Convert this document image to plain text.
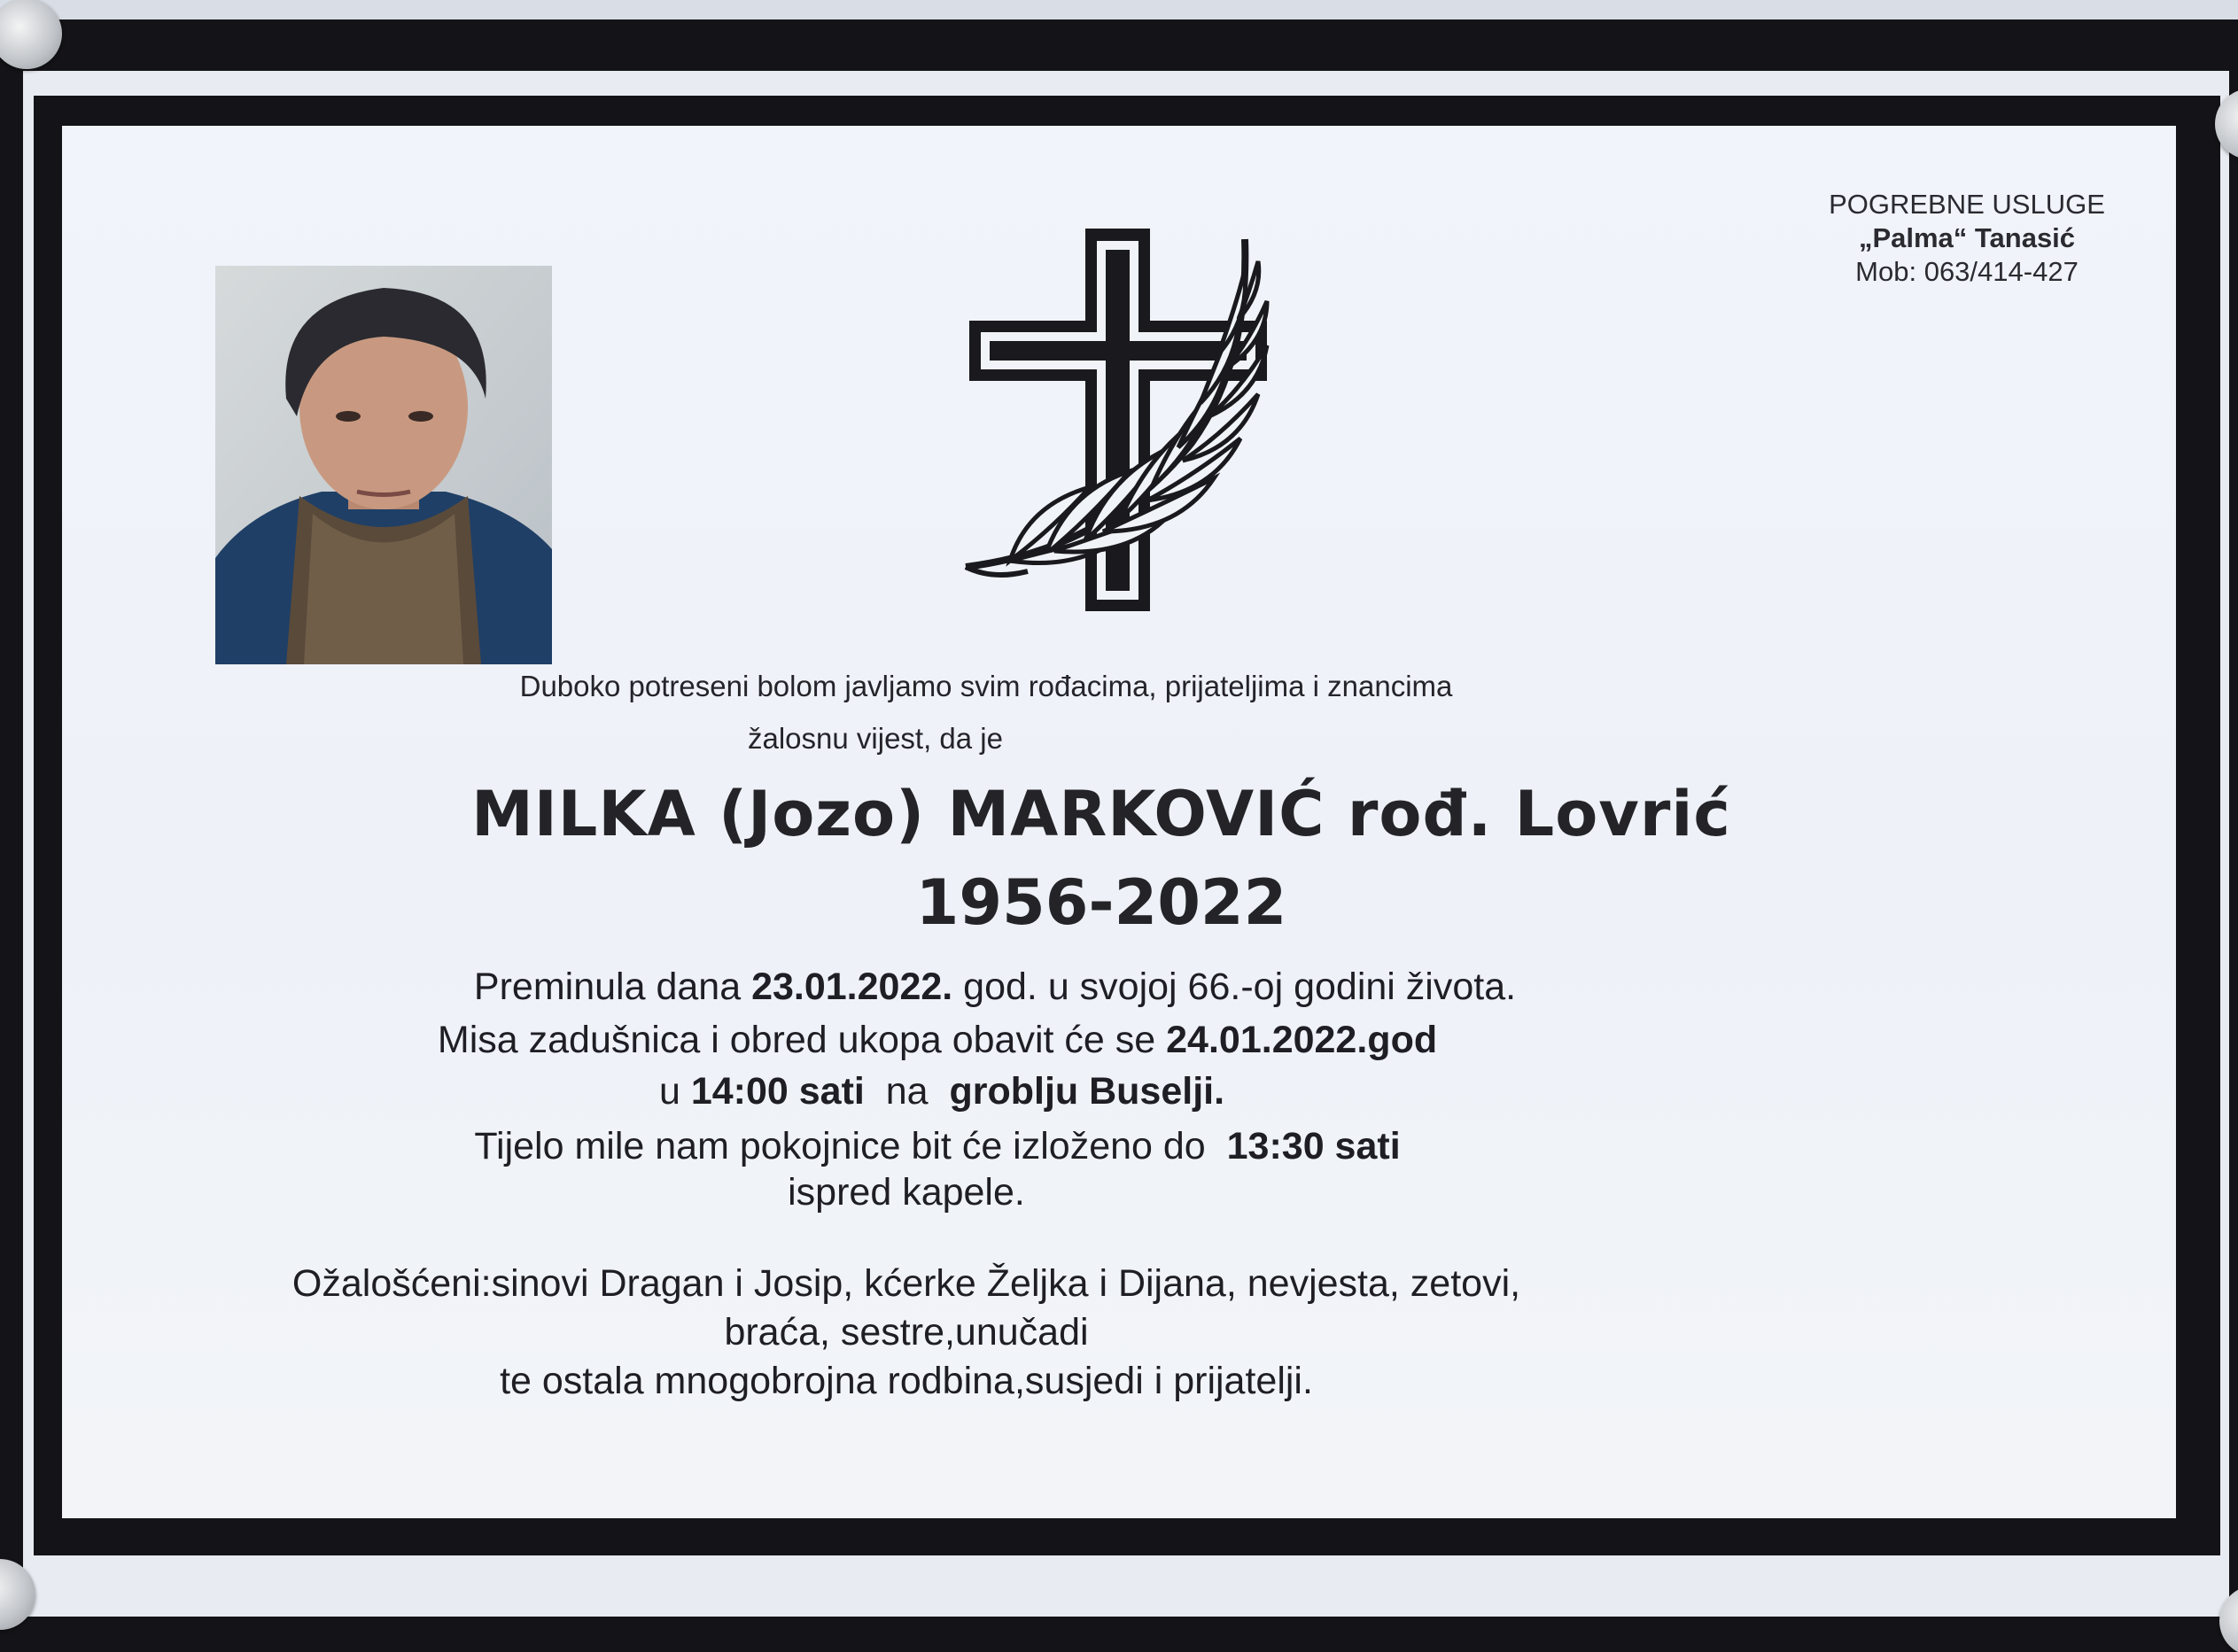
POGREBNE USLUGE
„Palma“ Tanasić
Mob: 063/414-427
Duboko potreseni bolom javljamo svim rođacima, prijateljima i znancima
žalosnu vijest, da je
MILKA (Jozo) MARKOVIĆ rođ. Lovrić
1956-2022
Preminula dana 23.01.2022. god. u svojoj 66.-oj godini života.
Misa zadušnica i obred ukopa obavit će se 24.01.2022.god
u 14:00 sati  na  groblju Buselji.
Tijelo mile nam pokojnice bit će izloženo do  13:30 sati
ispred kapele.
Ožalošćeni:sinovi Dragan i Josip, kćerke Željka i Dijana, nevjesta, zetovi,
braća, sestre,unučadi
te ostala mnogobrojna rodbina,susjedi i prijatelji.
